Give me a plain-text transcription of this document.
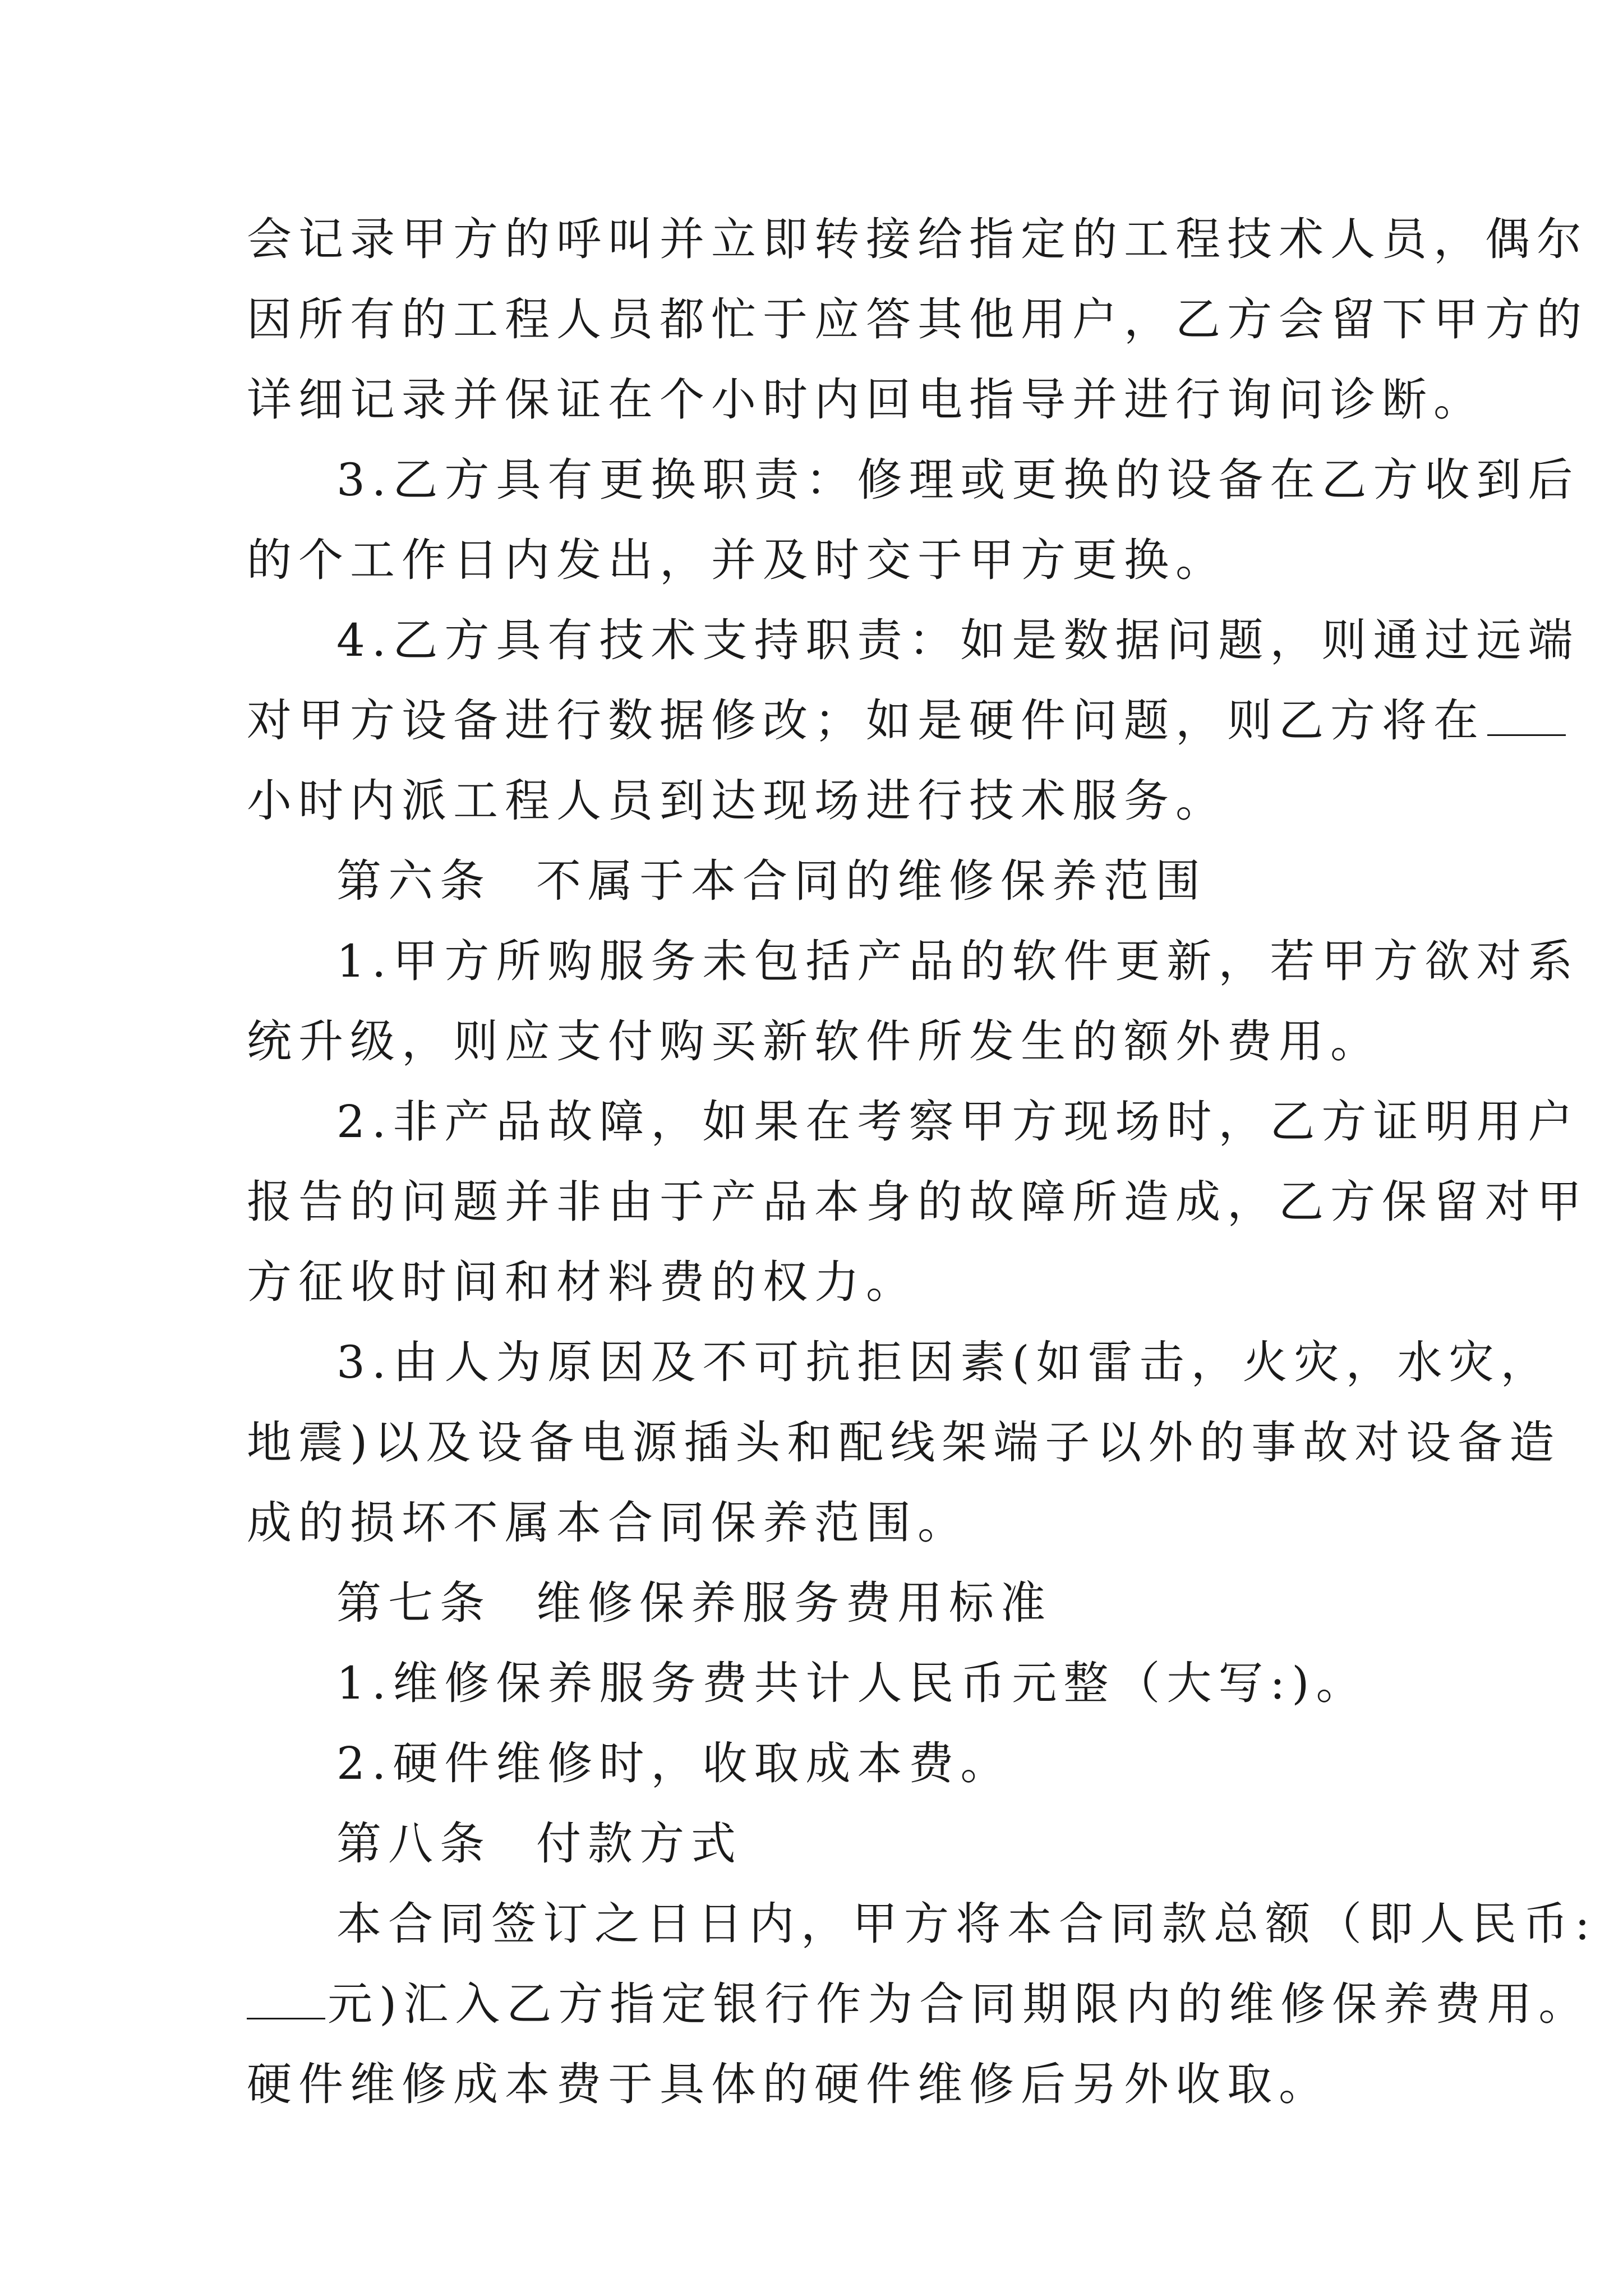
会记录甲方的呼叫并立即转接给指定的工程技术人员，偶尔
因所有的工程人员都忙于应答其他用户，乙方会留下甲方的
详细记录并保证在个小时内回电指导并进行询问诊断。
3.乙方具有更换职责：修理或更换的设备在乙方收到后
的个工作日内发出，并及时交于甲方更换。
4.乙方具有技术支持职责：如是数据问题，则通过远端
对甲方设备进行数据修改；如是硬件问题，则乙方将在
小时内派工程人员到达现场进行技术服务。
第六条 不属于本合同的维修保养范围
1.甲方所购服务未包括产品的软件更新，若甲方欲对系
统升级，则应支付购买新软件所发生的额外费用。
2.非产品故障，如果在考察甲方现场时，乙方证明用户
报告的问题并非由于产品本身的故障所造成，乙方保留对甲
方征收时间和材料费的权力。
3.由人为原因及不可抗拒因素(如雷击，火灾，水灾，
地震)以及设备电源插头和配线架端子以外的事故对设备造
成的损坏不属本合同保养范围。
第七条 维修保养服务费用标准
1.维修保养服务费共计人民币元整（大写:)。
2.硬件维修时，收取成本费。
第八条 付款方式
本合同签订之日日内，甲方将本合同款总额（即人民币:
元)汇入乙方指定银行作为合同期限内的维修保养费用。
硬件维修成本费于具体的硬件维修后另外收取。
